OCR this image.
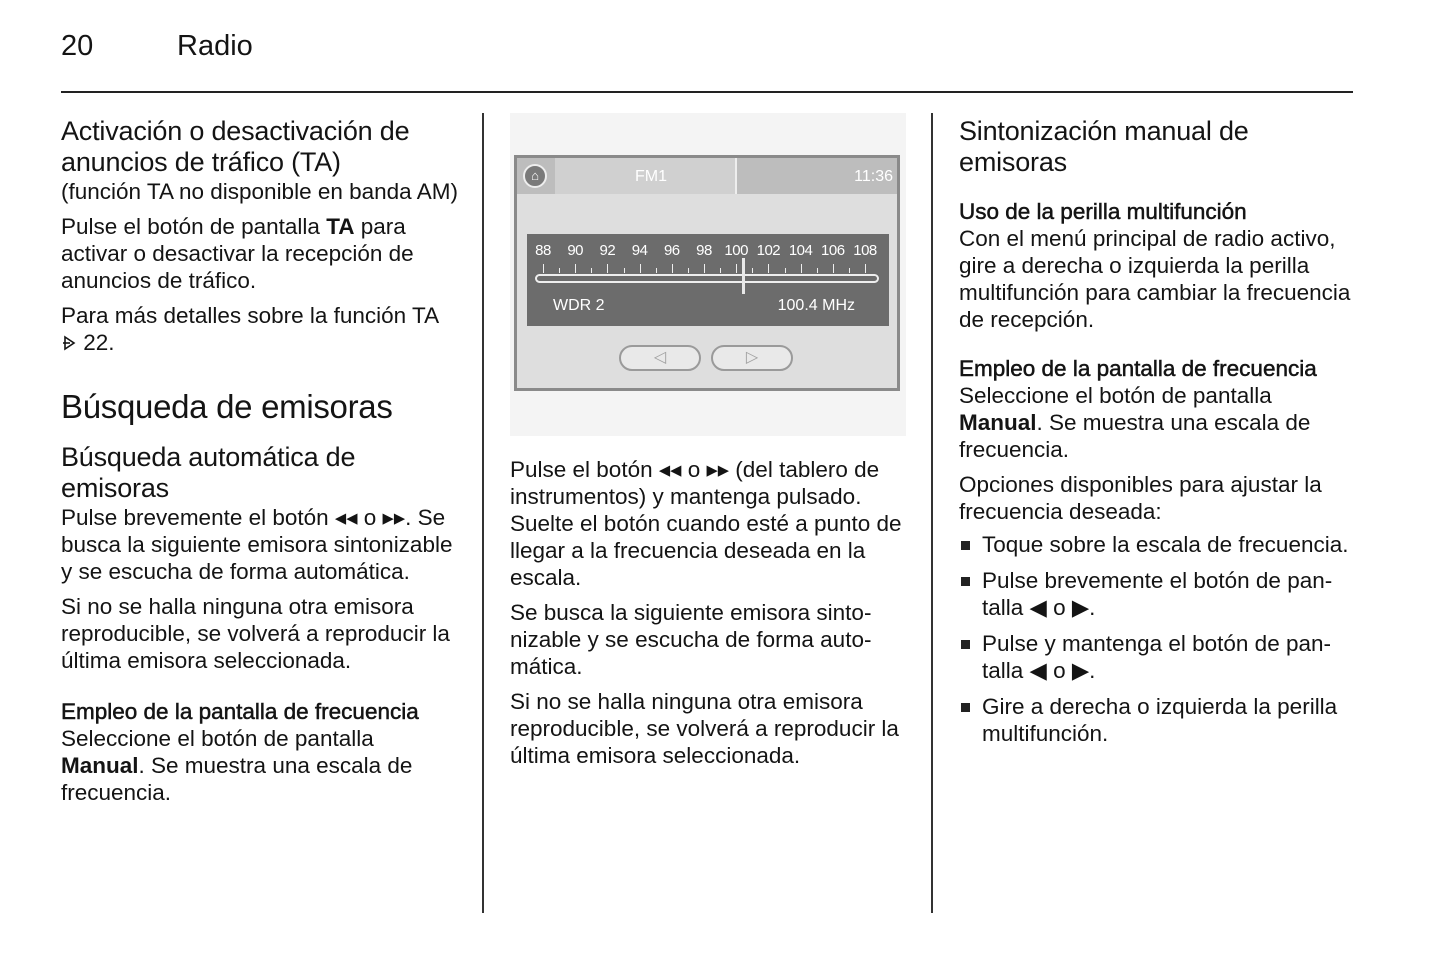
20	Radio
Activación o desactivación de anuncios de tráfico (TA)

(función TA no disponible en banda AM)

Pulse el botón de pantalla TA para activar o desactivar la recepción de anuncios de tráfico.

Para más detalles sobre la función TA
22.

Búsqueda de emisoras
Búsqueda automática de emisoras

Pulse brevemente el botón ◂◂ o ▸▸. Se busca la siguiente emisora sintonizable y se escucha de forma automática.

Si no se halla ninguna otra emisora reproducible, se volverá a reproducir la última emisora seleccionada.

Empleo de la pantalla de frecuencia

Seleccione el botón de pantalla Manual. Se muestra una escala de frecuencia.

⌂	FM1	11:36
WDR 2	100.4 MHz
88 90 92 94 96 98 100 102 104 106 108
◁	▷

Pulse el botón ◂◂ o ▸▸ (del tablero de instrumentos) y mantenga pulsado. Suelte el botón cuando esté a punto de llegar a la frecuencia deseada en la escala.

Se busca la siguiente emisora sintonizable y se escucha de forma automática.

Si no se halla ninguna otra emisora reproducible, se volverá a reproducir la última emisora seleccionada.

Sintonización manual de emisoras
Uso de la perilla multifunción

Con el menú principal de radio activo, gire a derecha o izquierda la perilla multifunción para cambiar la frecuencia de recepción.

Empleo de la pantalla de frecuencia

Seleccione el botón de pantalla Manual. Se muestra una escala de frecuencia.

Opciones disponibles para ajustar la frecuencia deseada:

Toque sobre la escala de frecuencia.
Pulse brevemente el botón de pantalla ◀ o ▶.
Pulse y mantenga el botón de pantalla ◀ o ▶.
Gire a derecha o izquierda la perilla multifunción.
